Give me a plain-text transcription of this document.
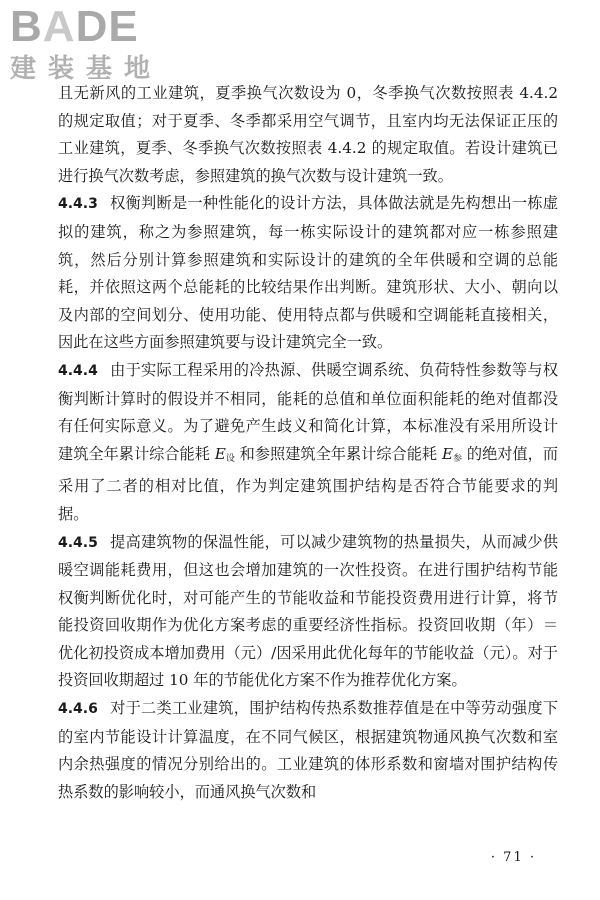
BADE
建装基地

且无新风的工业建筑，夏季换气次数设为 0，冬季换气次数按照表 4.4.2 的规定取值；对于夏季、冬季都采用空气调节，且室内均无法保证正压的工业建筑，夏季、冬季换气次数按照表 4.4.2 的规定取值。若设计建筑已进行换气次数考虑，参照建筑的换气次数与设计建筑一致。

4.4.3 权衡判断是一种性能化的设计方法，具体做法就是先构想出一栋虚拟的建筑，称之为参照建筑，每一栋实际设计的建筑都对应一栋参照建筑，然后分别计算参照建筑和实际设计的建筑的全年供暖和空调的总能耗，并依照这两个总能耗的比较结果作出判断。建筑形状、大小、朝向以及内部的空间划分、使用功能、使用特点都与供暖和空调能耗直接相关，因此在这些方面参照建筑要与设计建筑完全一致。

4.4.4 由于实际工程采用的冷热源、供暖空调系统、负荷特性参数等与权衡判断计算时的假设并不相同，能耗的总值和单位面积能耗的绝对值都没有任何实际意义。为了避免产生歧义和简化计算，本标准没有采用所设计建筑全年累计综合能耗 $E_设$ 和参照建筑全年累计综合能耗 $E_参$ 的绝对值，而采用了二者的相对比值，作为判定建筑围护结构是否符合节能要求的判据。

4.4.5 提高建筑物的保温性能，可以减少建筑物的热量损失，从而减少供暖空调能耗费用，但这也会增加建筑的一次性投资。在进行围护结构节能权衡判断优化时，对可能产生的节能收益和节能投资费用进行计算，将节能投资回收期作为优化方案考虑的重要经济性指标。投资回收期（年）＝优化初投资成本增加费用（元）/因采用此优化每年的节能收益（元）。对于投资回收期超过 10 年的节能优化方案不作为推荐优化方案。

4.4.6 对于二类工业建筑，围护结构传热系数推荐值是在中等劳动强度下的室内节能设计计算温度，在不同气候区，根据建筑物通风换气次数和室内余热强度的情况分别给出的。工业建筑的体形系数和窗墙对围护结构传热系数的影响较小，而通风换气次数和

· 71 ·
